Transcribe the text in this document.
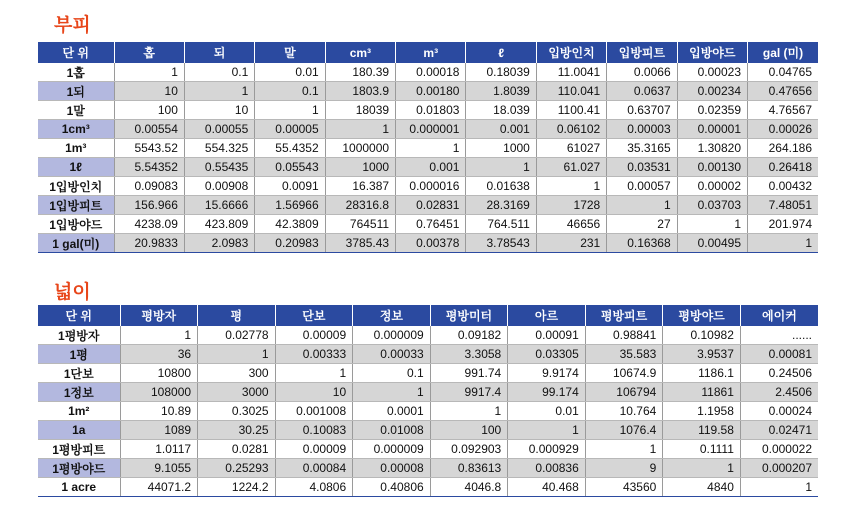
부피
단 위	홉	되	말	cm³	m³	ℓ	입방인치	입방피트	입방야드	gal (미)
1홉	1	0.1	0.01	180.39	0.00018	0.18039	11.0041	0.0066	0.00023	0.04765
1되	10	1	0.1	1803.9	0.00180	1.8039	110.041	0.0637	0.00234	0.47656
1말	100	10	1	18039	0.01803	18.039	1100.41	0.63707	0.02359	4.76567
1cm³	0.00554	0.00055	0.00005	1	0.000001	0.001	0.06102	0.00003	0.00001	0.00026
1m³	5543.52	554.325	55.4352	1000000	1	1000	61027	35.3165	1.30820	264.186
1ℓ	5.54352	0.55435	0.05543	1000	0.001	1	61.027	0.03531	0.00130	0.26418
1입방인치	0.09083	0.00908	0.0091	16.387	0.000016	0.01638	1	0.00057	0.00002	0.00432
1입방피트	156.966	15.6666	1.56966	28316.8	0.02831	28.3169	1728	1	0.03703	7.48051
1입방야드	4238.09	423.809	42.3809	764511	0.76451	764.511	46656	27	1	201.974
1 gal(미)	20.9833	2.0983	0.20983	3785.43	0.00378	3.78543	231	0.16368	0.00495	1
넓이
단 위	평방자	평	단보	정보	평방미터	아르	평방피트	평방야드	에이커
1평방자	1	0.02778	0.00009	0.000009	0.09182	0.00091	0.98841	0.10982	......
1평	36	1	0.00333	0.00033	3.3058	0.03305	35.583	3.9537	0.00081
1단보	10800	300	1	0.1	991.74	9.9174	10674.9	1186.1	0.24506
1정보	108000	3000	10	1	9917.4	99.174	106794	11861	2.4506
1m²	10.89	0.3025	0.001008	0.0001	1	0.01	10.764	1.1958	0.00024
1a	1089	30.25	0.10083	0.01008	100	1	1076.4	119.58	0.02471
1평방피트	1.0117	0.0281	0.00009	0.000009	0.092903	0.000929	1	0.1111	0.000022
1평방야드	9.1055	0.25293	0.00084	0.00008	0.83613	0.00836	9	1	0.000207
1 acre	44071.2	1224.2	4.0806	0.40806	4046.8	40.468	43560	4840	1
